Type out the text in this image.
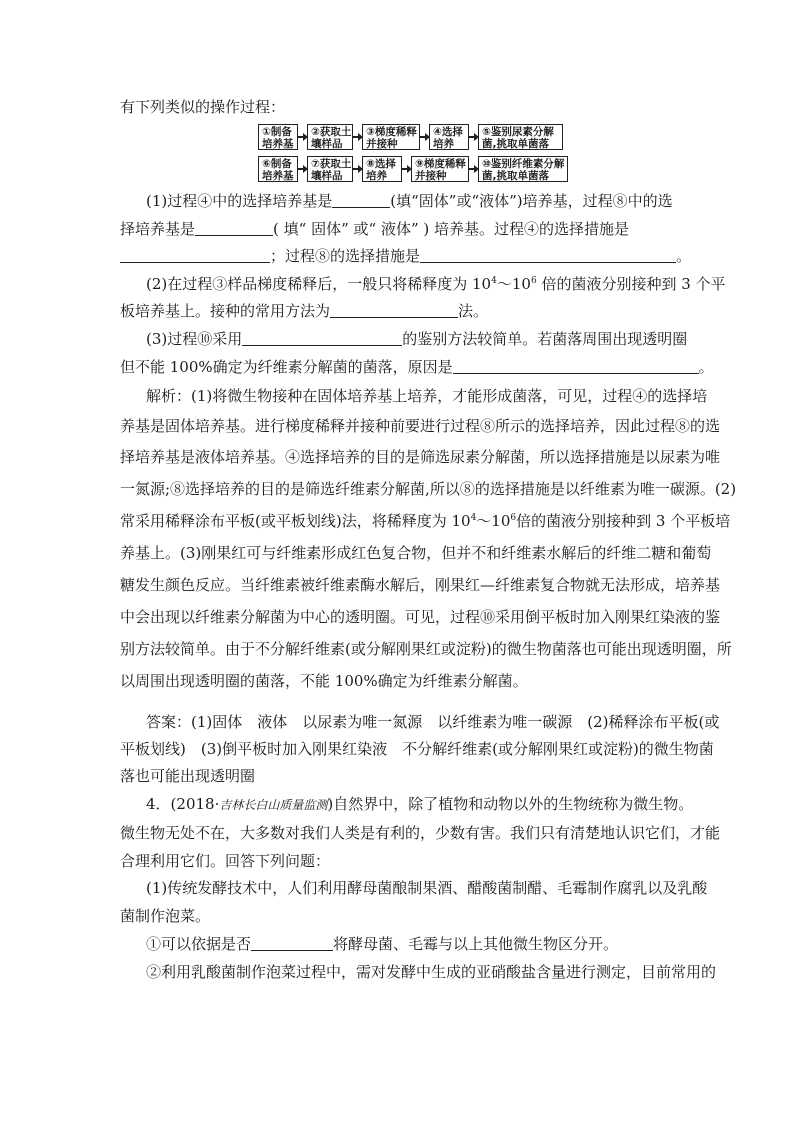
有下列类似的操作过程：
①制备
培养基
②获取土
壤样品
③梯度稀释
并接种
④选择
培养
⑤鉴别尿素分解
菌,挑取单菌落
⑥制备
培养基
⑦获取土
壤样品
⑧选择
培养
⑨梯度稀释
并接种
⑩鉴别纤维素分解
菌,挑取单菌落
(1)过程④中的选择培养基是	(填“固体”或“液体”)培养基，过程⑧中的选
择培养基是	( 填“ 固体” 或“ 液体” ) 培养基。过程④的选择措施是
；过程⑧的选择措施是	。
(2)在过程③样品梯度稀释后，一般只将稀释度为 $10^4\sim 10^6$ 倍的菌液分别接种到 3 个平
板培养基上。接种的常用方法为	法。
(3)过程⑩采用	的鉴别方法较简单。若菌落周围出现透明圈
但不能 100%确定为纤维素分解菌的菌落，原因是	。
解析：(1)将微生物接种在固体培养基上培养，才能形成菌落，可见，过程④的选择培
养基是固体培养基。进行梯度稀释并接种前要进行过程⑧所示的选择培养，因此过程⑧的选
择培养基是液体培养基。④选择培养的目的是筛选尿素分解菌，所以选择措施是以尿素为唯
一氮源;⑧选择培养的目的是筛选纤维素分解菌,所以⑧的选择措施是以纤维素为唯一碳源。(2)
常采用稀释涂布平板(或平板划线)法，将稀释度为 $10^4\sim 10^6$倍的菌液分别接种到 3 个平板培
养基上。(3)刚果红可与纤维素形成红色复合物，但并不和纤维素水解后的纤维二糖和葡萄
糖发生颜色反应。当纤维素被纤维素酶水解后，刚果红—纤维素复合物就无法形成，培养基
中会出现以纤维素分解菌为中心的透明圈。可见，过程⑩采用倒平板时加入刚果红染液的鉴
别方法较简单。由于不分解纤维素(或分解刚果红或淀粉)的微生物菌落也可能出现透明圈，所
以周围出现透明圈的菌落，不能 100%确定为纤维素分解菌。
答案：(1)固体　液体　以尿素为唯一氮源　以纤维素为唯一碳源　(2)稀释涂布平板(或
平板划线)　(3)倒平板时加入刚果红染液　不分解纤维素(或分解刚果红或淀粉)的微生物菌
落也可能出现透明圈
4．(2018·吉林长白山质量监测)自然界中，除了植物和动物以外的生物统称为微生物。
微生物无处不在，大多数对我们人类是有利的，少数有害。我们只有清楚地认识它们，才能
合理利用它们。回答下列问题：
(1)传统发酵技术中，人们利用酵母菌酿制果酒、醋酸菌制醋、毛霉制作腐乳以及乳酸
菌制作泡菜。
①可以依据是否	将酵母菌、毛霉与以上其他微生物区分开。
②利用乳酸菌制作泡菜过程中，需对发酵中生成的亚硝酸盐含量进行测定，目前常用的
